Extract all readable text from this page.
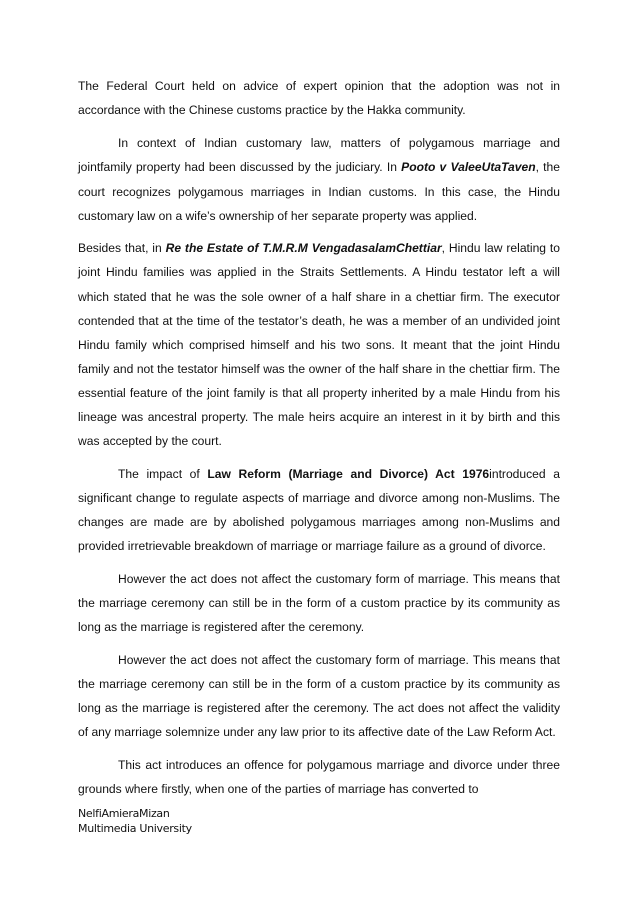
The Federal Court held on advice of expert opinion that the adoption was not in accordance with the Chinese customs practice by the Hakka community.

In context of Indian customary law, matters of polygamous marriage and jointfamily property had been discussed by the judiciary. In Pooto v ValeeUtaTaven, the court recognizes polygamous marriages in Indian customs. In this case, the Hindu customary law on a wife’s ownership of her separate property was applied.

Besides that, in Re the Estate of T.M.R.M VengadasalamChettiar, Hindu law relating to joint Hindu families was applied in the Straits Settlements. A Hindu testator left a will which stated that he was the sole owner of a half share in a chettiar firm. The executor contended that at the time of the testator’s death, he was a member of an undivided joint Hindu family which comprised himself and his two sons. It meant that the joint Hindu family and not the testator himself was the owner of the half share in the chettiar firm. The essential feature of the joint family is that all property inherited by a male Hindu from his lineage was ancestral property. The male heirs acquire an interest in it by birth and this was accepted by the court.

The impact of Law Reform (Marriage and Divorce) Act 1976introduced a significant change to regulate aspects of marriage and divorce among non-Muslims. The changes are made are by abolished polygamous marriages among non-Muslims and provided irretrievable breakdown of marriage or marriage failure as a ground of divorce.

However the act does not affect the customary form of marriage. This means that the marriage ceremony can still be in the form of a custom practice by its community as long as the marriage is registered after the ceremony.

However the act does not affect the customary form of marriage. This means that the marriage ceremony can still be in the form of a custom practice by its community as long as the marriage is registered after the ceremony. The act does not affect the validity of any marriage solemnize under any law prior to its affective date of the Law Reform Act.

This act introduces an offence for polygamous marriage and divorce under three grounds where firstly, when one of the parties of marriage has converted to

NelfiAmieraMizan
Multimedia University
